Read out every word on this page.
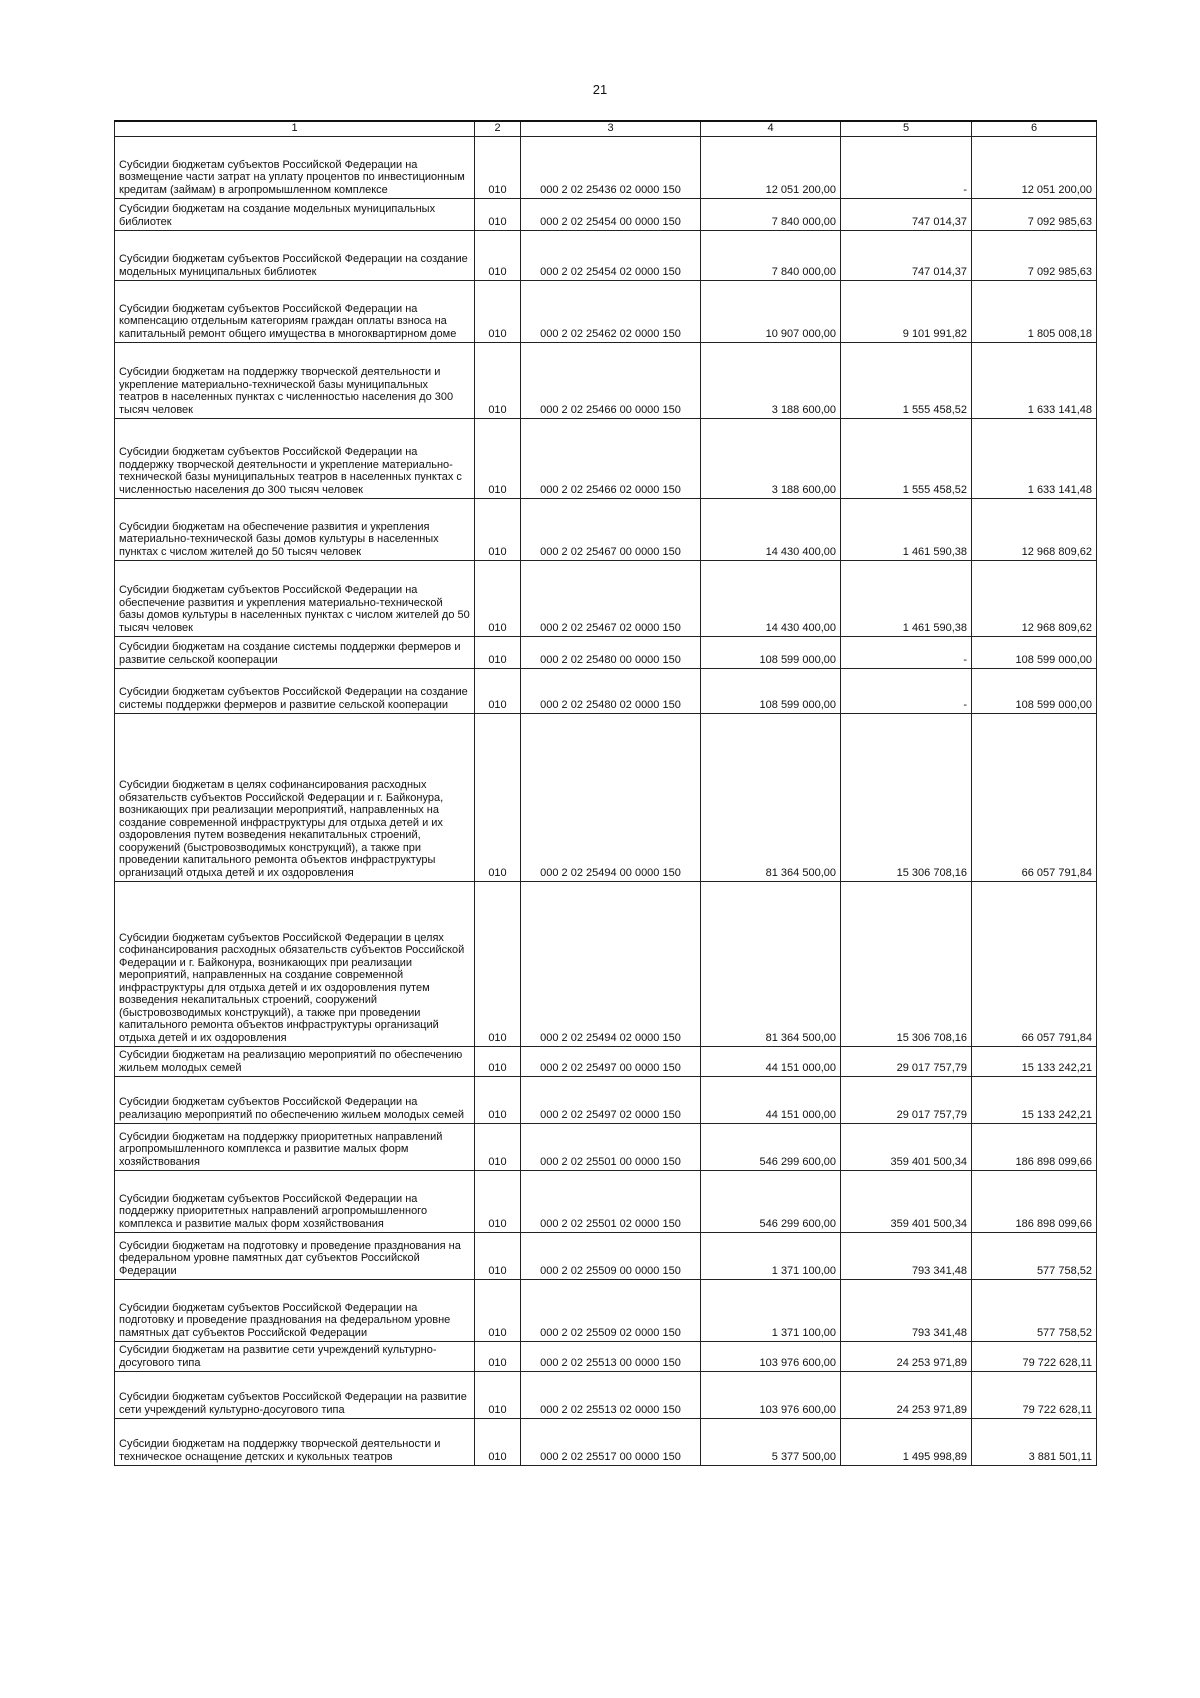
21
1	2	3	4	5	6

Субсидии бюджетам субъектов Российской Федерации на возмещение части затрат на уплату процентов по инвестиционным кредитам (займам) в агропромышленном комплексе	010	000 2 02 25436 02 0000 150	12 051 200,00	-	12 051 200,00

Субсидии бюджетам на создание модельных муниципальных библиотек	010	000 2 02 25454 00 0000 150	7 840 000,00	747 014,37	7 092 985,63

Субсидии бюджетам субъектов Российской Федерации на создание модельных муниципальных библиотек	010	000 2 02 25454 02 0000 150	7 840 000,00	747 014,37	7 092 985,63

Субсидии бюджетам субъектов Российской Федерации на компенсацию отдельным категориям граждан оплаты взноса на капитальный ремонт общего имущества в многоквартирном доме	010	000 2 02 25462 02 0000 150	10 907 000,00	9 101 991,82	1 805 008,18

Субсидии бюджетам на поддержку творческой деятельности и укрепление материально-технической базы муниципальных театров в населенных пунктах с численностью населения до 300 тысяч человек	010	000 2 02 25466 00 0000 150	3 188 600,00	1 555 458,52	1 633 141,48

Субсидии бюджетам субъектов Российской Федерации на поддержку творческой деятельности и укрепление материально-технической базы муниципальных театров в населенных пунктах с численностью населения до 300 тысяч человек	010	000 2 02 25466 02 0000 150	3 188 600,00	1 555 458,52	1 633 141,48

Субсидии бюджетам на обеспечение развития и укрепления материально-технической базы домов культуры в населенных пунктах с числом жителей до 50 тысяч человек	010	000 2 02 25467 00 0000 150	14 430 400,00	1 461 590,38	12 968 809,62

Субсидии бюджетам субъектов Российской Федерации на обеспечение развития и укрепления материально-технической базы домов культуры в населенных пунктах с числом жителей до 50 тысяч человек	010	000 2 02 25467 02 0000 150	14 430 400,00	1 461 590,38	12 968 809,62

Субсидии бюджетам на создание системы поддержки фермеров и развитие сельской кооперации	010	000 2 02 25480 00 0000 150	108 599 000,00	-	108 599 000,00

Субсидии бюджетам субъектов Российской Федерации на создание системы поддержки фермеров и развитие сельской кооперации	010	000 2 02 25480 02 0000 150	108 599 000,00	-	108 599 000,00

Субсидии бюджетам в целях софинансирования расходных обязательств субъектов Российской Федерации и г. Байконура, возникающих при реализации мероприятий, направленных на создание современной инфраструктуры для отдыха детей и их оздоровления путем возведения некапитальных строений, сооружений (быстровозводимых конструкций), а также при проведении капитального ремонта объектов инфраструктуры организаций отдыха детей и их оздоровления	010	000 2 02 25494 00 0000 150	81 364 500,00	15 306 708,16	66 057 791,84

Субсидии бюджетам субъектов Российской Федерации в целях софинансирования расходных обязательств субъектов Российской Федерации и г. Байконура, возникающих при реализации мероприятий, направленных на создание современной инфраструктуры для отдыха детей и их оздоровления путем возведения некапитальных строений, сооружений (быстровозводимых конструкций), а также при проведении капитального ремонта объектов инфраструктуры организаций отдыха детей и их оздоровления	010	000 2 02 25494 02 0000 150	81 364 500,00	15 306 708,16	66 057 791,84

Субсидии бюджетам на реализацию мероприятий по обеспечению жильем молодых семей	010	000 2 02 25497 00 0000 150	44 151 000,00	29 017 757,79	15 133 242,21

Субсидии бюджетам субъектов Российской Федерации на реализацию мероприятий по обеспечению жильем молодых семей	010	000 2 02 25497 02 0000 150	44 151 000,00	29 017 757,79	15 133 242,21

Субсидии бюджетам на поддержку приоритетных направлений агропромышленного комплекса и развитие малых форм хозяйствования	010	000 2 02 25501 00 0000 150	546 299 600,00	359 401 500,34	186 898 099,66

Субсидии бюджетам субъектов Российской Федерации на поддержку приоритетных направлений агропромышленного комплекса и развитие малых форм хозяйствования	010	000 2 02 25501 02 0000 150	546 299 600,00	359 401 500,34	186 898 099,66

Субсидии бюджетам на подготовку и проведение празднования на федеральном уровне памятных дат субъектов Российской Федерации	010	000 2 02 25509 00 0000 150	1 371 100,00	793 341,48	577 758,52

Субсидии бюджетам субъектов Российской Федерации на подготовку и проведение празднования на федеральном уровне памятных дат субъектов Российской Федерации	010	000 2 02 25509 02 0000 150	1 371 100,00	793 341,48	577 758,52

Субсидии бюджетам на развитие сети учреждений культурно-досугового типа	010	000 2 02 25513 00 0000 150	103 976 600,00	24 253 971,89	79 722 628,11

Субсидии бюджетам субъектов Российской Федерации на развитие сети учреждений культурно-досугового типа	010	000 2 02 25513 02 0000 150	103 976 600,00	24 253 971,89	79 722 628,11

Субсидии бюджетам на поддержку творческой деятельности и техническое оснащение детских и кукольных театров	010	000 2 02 25517 00 0000 150	5 377 500,00	1 495 998,89	3 881 501,11
